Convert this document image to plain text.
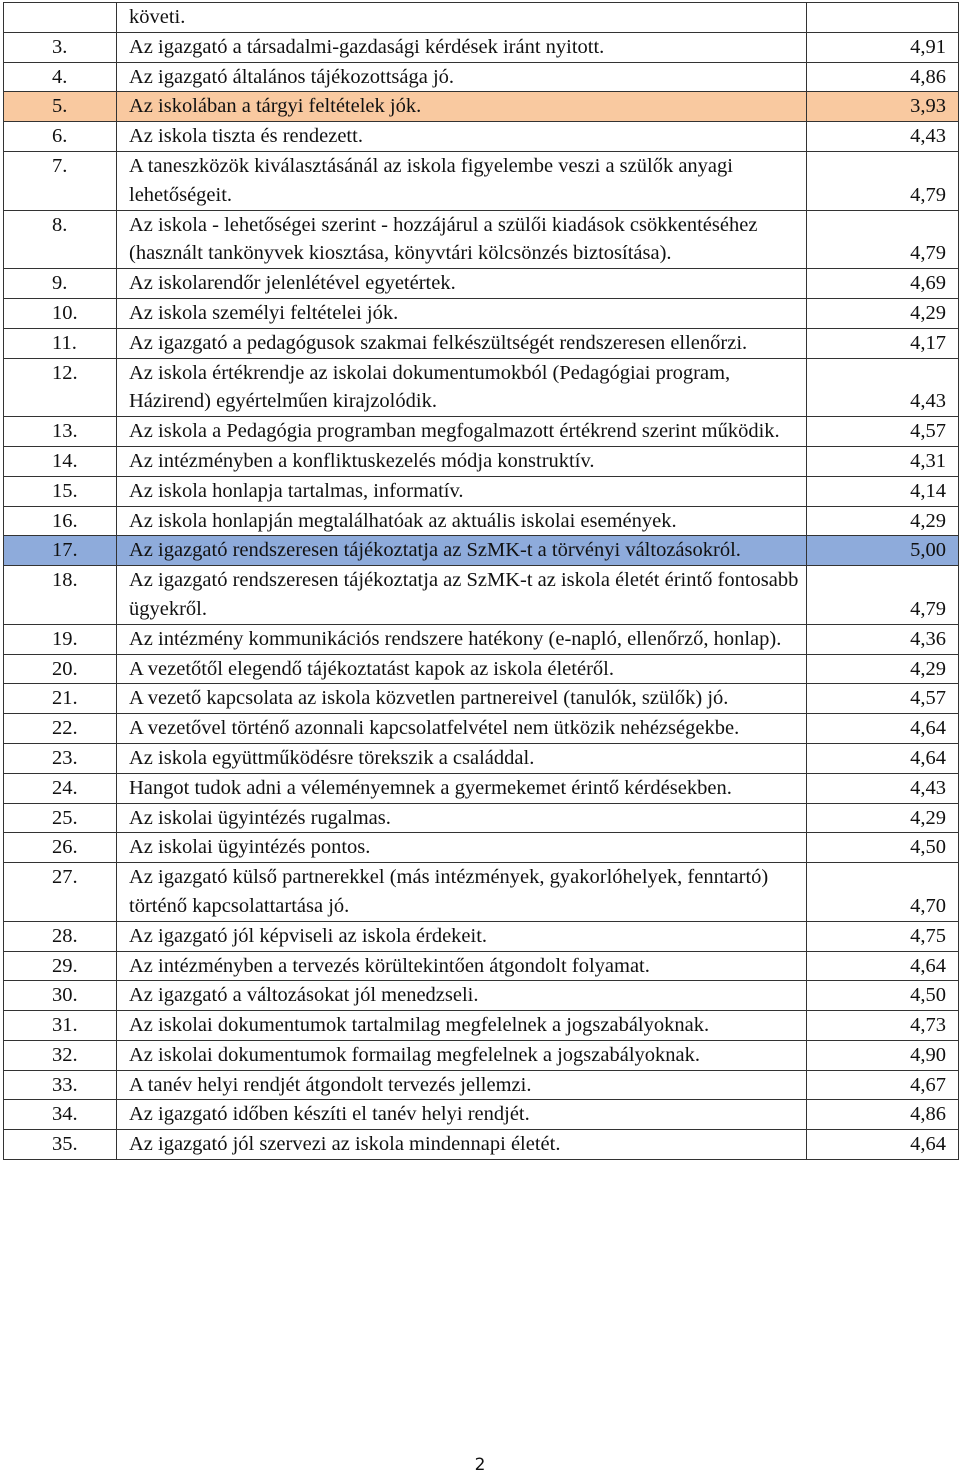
	követi.	
3.	Az igazgató a társadalmi-gazdasági kérdések iránt nyitott.	4,91
4.	Az igazgató általános tájékozottsága jó.	4,86
5.	Az iskolában a tárgyi feltételek jók.	3,93
6.	Az iskola tiszta és rendezett.	4,43
7.	A taneszközök kiválasztásánál az iskola figyelembe veszi a szülők anyagi lehetőségeit.	4,79
8.	Az iskola - lehetőségei szerint - hozzájárul a szülői kiadások csökkentéséhez (használt tankönyvek kiosztása, könyvtári kölcsönzés biztosítása).	4,79
9.	Az iskolarendőr jelenlétével egyetértek.	4,69
10.	Az iskola személyi feltételei jók.	4,29
11.	Az igazgató a pedagógusok szakmai felkészültségét rendszeresen ellenőrzi.	4,17
12.	Az iskola értékrendje az iskolai dokumentumokból (Pedagógiai program, Házirend) egyértelműen kirajzolódik.	4,43
13.	Az iskola a Pedagógia programban megfogalmazott értékrend szerint működik.	4,57
14.	Az intézményben a konfliktuskezelés módja konstruktív.	4,31
15.	Az iskola honlapja tartalmas, informatív.	4,14
16.	Az iskola honlapján megtalálhatóak az aktuális iskolai események.	4,29
17.	Az igazgató rendszeresen tájékoztatja az SzMK-t a törvényi változásokról.	5,00
18.	Az igazgató rendszeresen tájékoztatja az SzMK-t az iskola életét érintő fontosabb ügyekről.	4,79
19.	Az intézmény kommunikációs rendszere hatékony (e-napló, ellenőrző, honlap).	4,36
20.	A vezetőtől elegendő tájékoztatást kapok az iskola életéről.	4,29
21.	A vezető kapcsolata az iskola közvetlen partnereivel (tanulók, szülők) jó.	4,57
22.	A vezetővel történő azonnali kapcsolatfelvétel nem ütközik nehézségekbe.	4,64
23.	Az iskola együttműködésre törekszik a családdal.	4,64
24.	Hangot tudok adni a véleményemnek a gyermekemet érintő kérdésekben.	4,43
25.	Az iskolai ügyintézés rugalmas.	4,29
26.	Az iskolai ügyintézés pontos.	4,50
27.	Az igazgató külső partnerekkel (más intézmények, gyakorlóhelyek, fenntartó) történő kapcsolattartása jó.	4,70
28.	Az igazgató jól képviseli az iskola érdekeit.	4,75
29.	Az intézményben a tervezés körültekintően átgondolt folyamat.	4,64
30.	Az igazgató a változásokat jól menedzseli.	4,50
31.	Az iskolai dokumentumok tartalmilag megfelelnek a jogszabályoknak.	4,73
32.	Az iskolai dokumentumok formailag megfelelnek a jogszabályoknak.	4,90
33.	A tanév helyi rendjét átgondolt tervezés jellemzi.	4,67
34.	Az igazgató időben készíti el tanév helyi rendjét.	4,86
35.	Az igazgató jól szervezi az iskola mindennapi életét.	4,64
2
